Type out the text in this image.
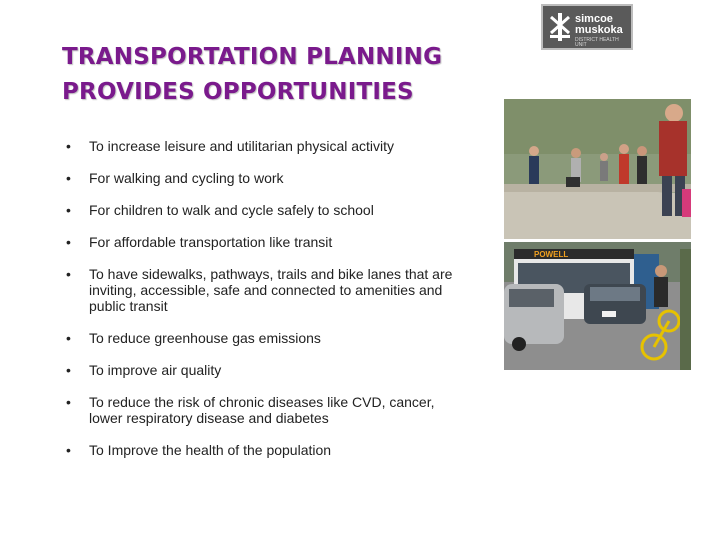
TRANSPORTATION PLANNING
PROVIDES OPPORTUNITIES
simcoe
muskoka
DISTRICT HEALTH UNIT
• To increase leisure and utilitarian physical activity
• For walking and cycling to work
• For children to walk and cycle safely to school
• For affordable transportation like transit
• To have sidewalks, pathways, trails and bike lanes that are inviting, accessible, safe and connected to amenities and public transit
• To reduce greenhouse gas emissions
• To improve air quality
• To reduce the risk of chronic diseases like CVD, cancer, lower respiratory disease and diabetes
• To Improve the health of the population
POWELL
